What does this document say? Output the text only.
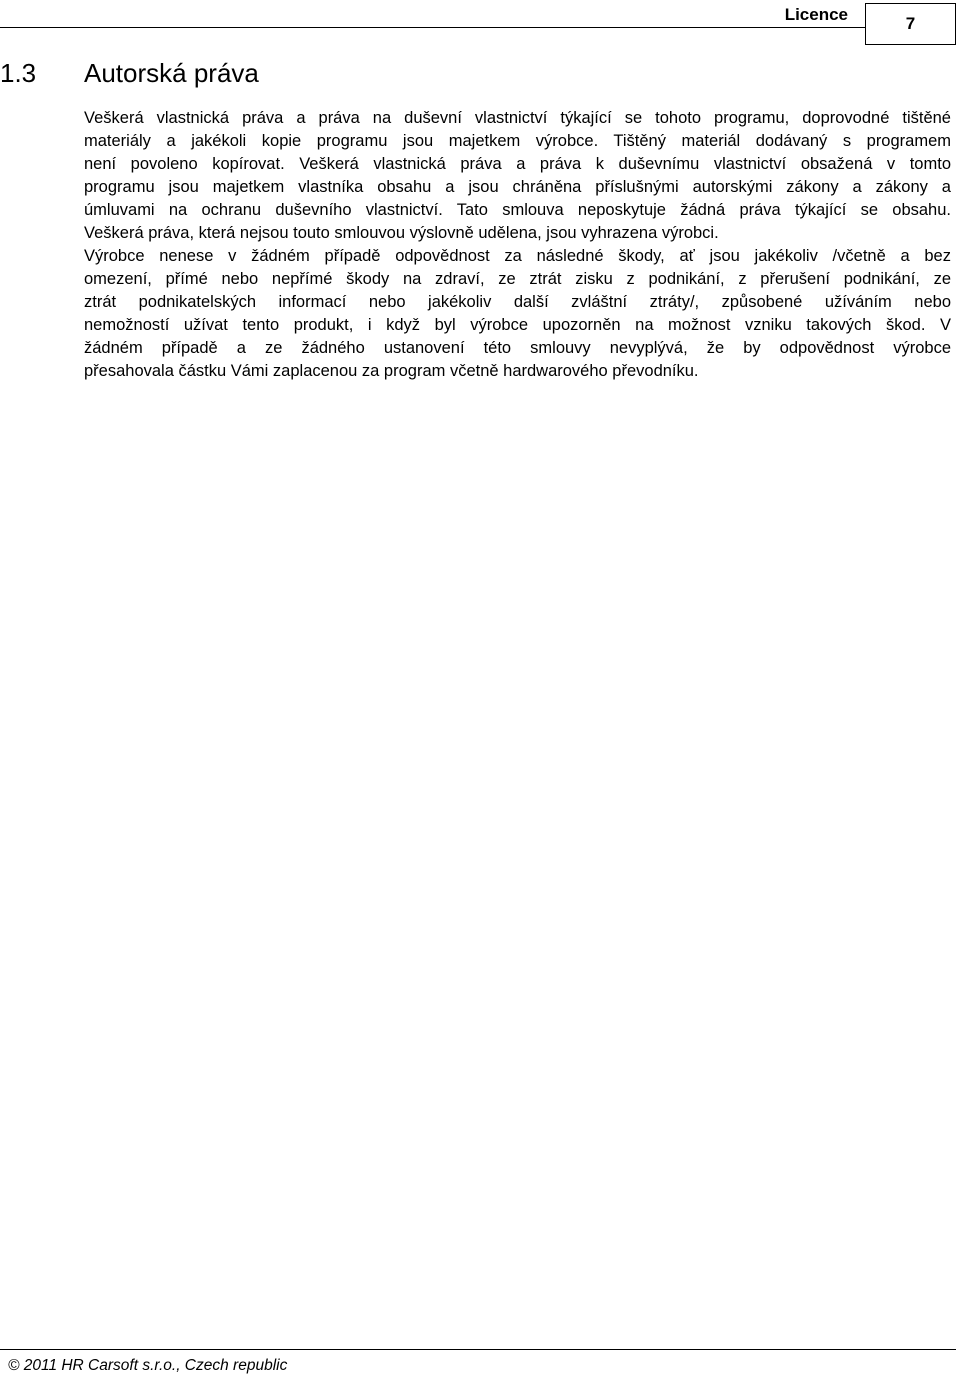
Licence	7
1.3 Autorská práva

Veškerá vlastnická práva a práva na duševní vlastnictví týkající se tohoto programu, doprovodné tištěné
materiály a jakékoli kopie programu jsou majetkem výrobce. Tištěný materiál dodávaný s programem
není povoleno kopírovat. Veškerá vlastnická práva a práva k duševnímu vlastnictví obsažená v tomto
programu jsou majetkem vlastníka obsahu a jsou chráněna příslušnými autorskými zákony a zákony a
úmluvami na ochranu duševního vlastnictví. Tato smlouva neposkytuje žádná práva týkající se obsahu.
Veškerá práva, která nejsou touto smlouvou výslovně udělena, jsou vyhrazena výrobci.

Výrobce nenese v žádném případě odpovědnost za následné škody, ať jsou jakékoliv /včetně a bez
omezení, přímé nebo nepřímé škody na zdraví, ze ztrát zisku z podnikání, z přerušení podnikání, ze
ztrát podnikatelských informací nebo jakékoliv další zvláštní ztráty/, způsobené užíváním nebo
nemožností užívat tento produkt, i když byl výrobce upozorněn na možnost vzniku takových škod. V
žádném případě a ze žádného ustanovení této smlouvy nevyplývá, že by odpovědnost výrobce
přesahovala částku Vámi zaplacenou za program včetně hardwarového převodníku.

© 2011 HR Carsoft s.r.o., Czech republic
